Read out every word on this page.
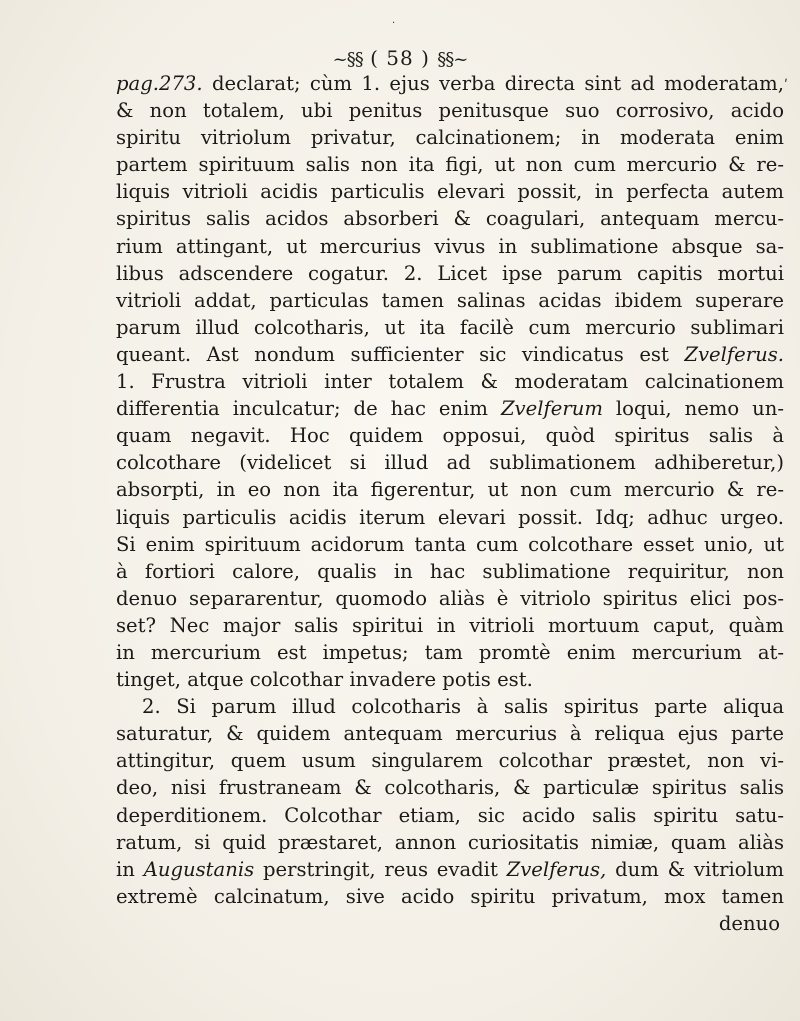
·
ʹ
~§§ ( 58 ) §§~
pag.273. declarat; cùm 1. ejus verba directa sint ad moderatam,
& non totalem, ubi penitus penitusque suo corrosivo, acido
spiritu vitriolum privatur, calcinationem; in moderata enim
partem spirituum salis non ita figi, ut non cum mercurio & re-
liquis vitrioli acidis particulis elevari possit, in perfecta autem
spiritus salis acidos absorberi & coagulari, antequam mercu-
rium attingant, ut mercurius vivus in sublimatione absque sa-
libus adscendere cogatur. 2. Licet ipse parum capitis mortui
vitrioli addat, particulas tamen salinas acidas ibidem superare
parum illud colcotharis, ut ita facilè cum mercurio sublimari
queant. Ast nondum sufficienter sic vindicatus est Zvelferus.
1. Frustra vitrioli inter totalem & moderatam calcinationem
differentia inculcatur; de hac enim Zvelferum loqui, nemo un-
quam negavit. Hoc quidem opposui, quòd spiritus salis à
colcothare (videlicet si illud ad sublimationem adhiberetur,)
absorpti, in eo non ita figerentur, ut non cum mercurio & re-
liquis particulis acidis iterum elevari possit. Idq; adhuc urgeo.
Si enim spirituum acidorum tanta cum colcothare esset unio, ut
à fortiori calore, qualis in hac sublimatione requiritur, non
denuo separarentur, quomodo aliàs è vitriolo spiritus elici pos-
set? Nec major salis spiritui in vitrioli mortuum caput, quàm
in mercurium est impetus; tam promtè enim mercurium at-
tinget, atque colcothar invadere potis est.
2. Si parum illud colcotharis à salis spiritus parte aliqua
saturatur, & quidem antequam mercurius à reliqua ejus parte
attingitur, quem usum singularem colcothar præstet, non vi-
deo, nisi frustraneam & colcotharis, & particulæ spiritus salis
deperditionem. Colcothar etiam, sic acido salis spiritu satu-
ratum, si quid præstaret, annon curiositatis nimiæ, quam aliàs
in Augustanis perstringit, reus evadit Zvelferus, dum & vitriolum
extremè calcinatum, sive acido spiritu privatum, mox tamen
denuo
